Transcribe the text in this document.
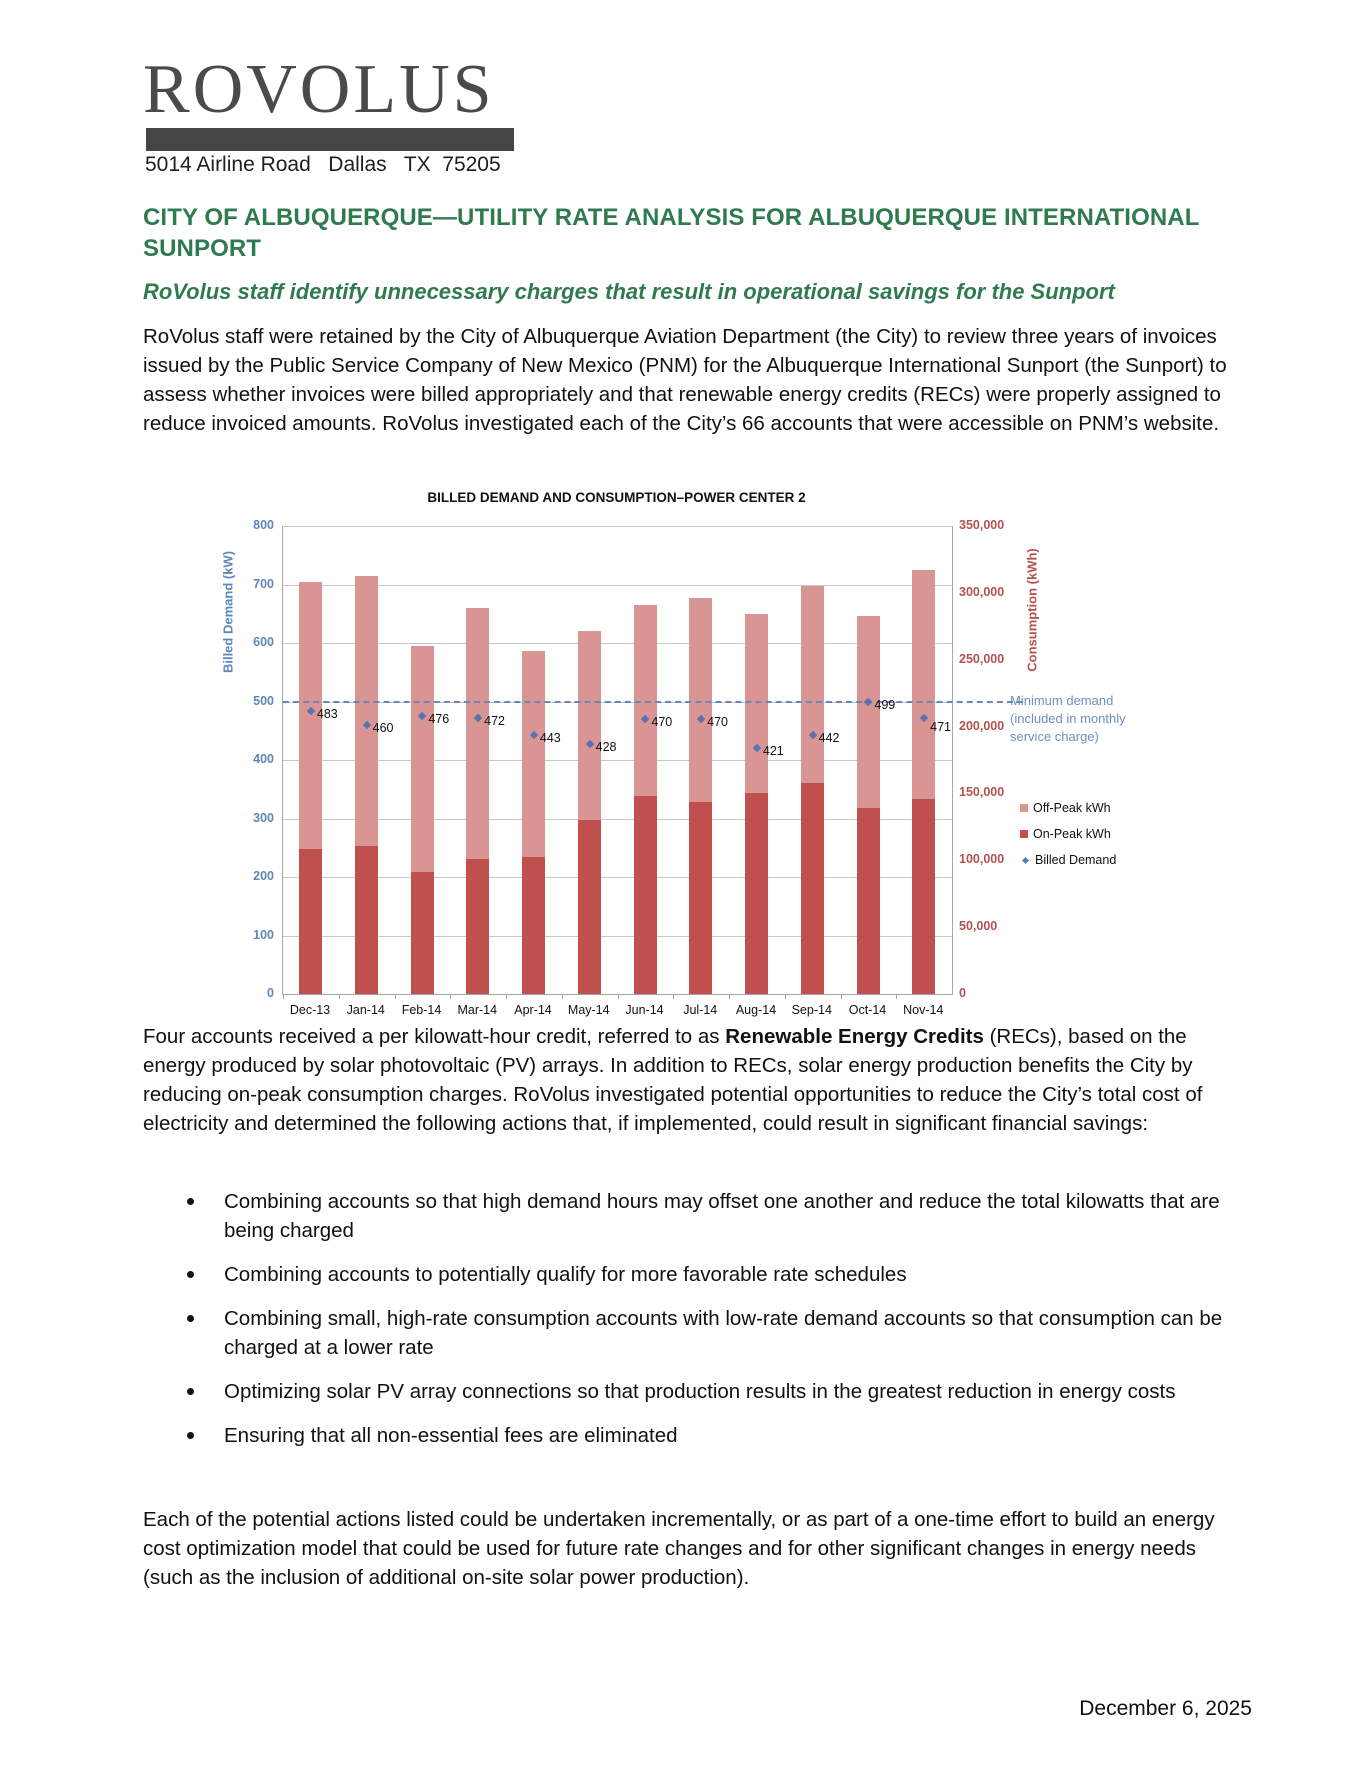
ROVOLUS
5014 Airline Road   Dallas   TX  75205
CITY OF ALBUQUERQUE—UTILITY RATE ANALYSIS FOR ALBUQUERQUE INTERNATIONAL SUNPORT
RoVolus staff identify unnecessary charges that result in operational savings for the Sunport
RoVolus staff were retained by the City of Albuquerque Aviation Department (the City) to review three years of invoices issued by the Public Service Company of New Mexico (PNM) for the Albuquerque International Sunport (the Sunport) to assess whether invoices were billed appropriately and that renewable energy credits (RECs) were properly assigned to reduce invoiced amounts. RoVolus investigated each of the City’s 66 accounts that were accessible on PNM’s website.
BILLED DEMAND AND CONSUMPTION–POWER CENTER 2
Billed Demand (kW)	Consumption (kWh)
0
100
200
300
400
500
600
700
800
0
50,000
100,000
150,000
200,000
250,000
300,000
350,000
483
460
476	472
443
428
470	470
421
442
499
471
Dec-13	Jan-14	Feb-14	Mar-14	Apr-14	May-14	Jun-14	Jul-14	Aug-14	Sep-14	Oct-14	Nov-14
Minimum demand
(included in monthly
service charge)
Off-Peak kWh
On-Peak kWh
Billed Demand
Four accounts received a per kilowatt-hour credit, referred to as Renewable Energy Credits (RECs), based on the energy produced by solar photovoltaic (PV) arrays. In addition to RECs, solar energy production benefits the City by reducing on-peak consumption charges. RoVolus investigated potential opportunities to reduce the City’s total cost of electricity and determined the following actions that, if implemented, could result in significant financial savings:
Combining accounts so that high demand hours may offset one another and reduce the total kilowatts that are being charged
Combining accounts to potentially qualify for more favorable rate schedules
Combining small, high-rate consumption accounts with low-rate demand accounts so that consumption can be charged at a lower rate
Optimizing solar PV array connections so that production results in the greatest reduction in energy costs
Ensuring that all non-essential fees are eliminated
Each of the potential actions listed could be undertaken incrementally, or as part of a one-time effort to build an energy cost optimization model that could be used for future rate changes and for other significant changes in energy needs (such as the inclusion of additional on-site solar power production).
December 6, 2025
